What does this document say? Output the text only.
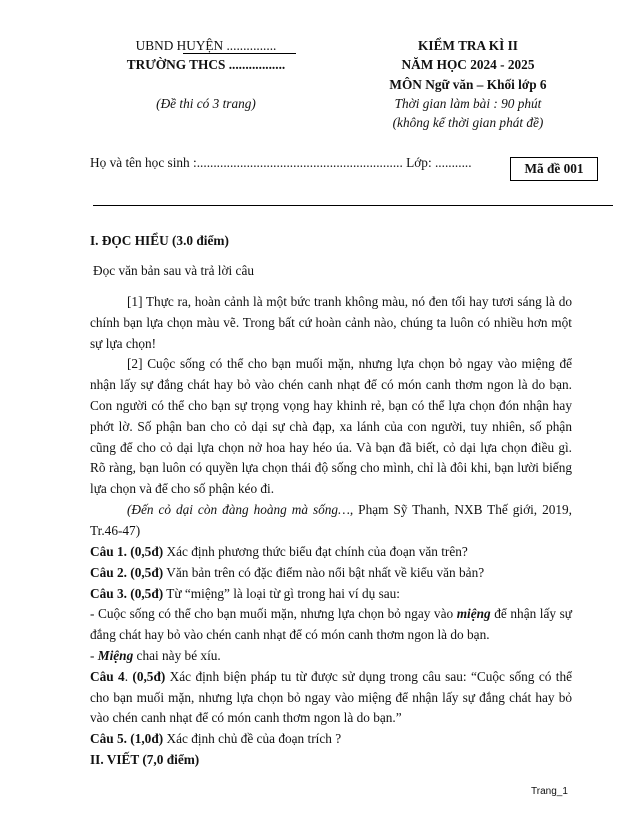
UBND HUYỆN ...............
TRƯỜNG THCS .................
(Đề thi có 3 trang)
KIỂM TRA KÌ II
NĂM HỌC 2024 - 2025
MÔN Ngữ văn – Khối lớp 6
Thời gian làm bài : 90 phút
(không kể thời gian phát đề)
Họ và tên học sinh :.............................................................. Lớp: ...........	Mã đề 001
I. ĐỌC HIỂU (3.0 điểm)
Đọc văn bản sau và trả lời câu

[1] Thực ra, hoàn cảnh là một bức tranh không màu, nó đen tối hay tươi sáng là do chính bạn lựa chọn màu vẽ. Trong bất cứ hoàn cảnh nào, chúng ta luôn có nhiều hơn một sự lựa chọn!

[2] Cuộc sống có thể cho bạn muối mặn, nhưng lựa chọn bỏ ngay vào miệng để nhận lấy sự đắng chát hay bỏ vào chén canh nhạt để có món canh thơm ngon là do bạn. Con người có thể cho bạn sự trọng vọng hay khinh rẻ, bạn có thể lựa chọn đón nhận hay phớt lờ. Số phận ban cho cỏ dại sự chà đạp, xa lánh của con người, tuy nhiên, số phận cũng để cho cỏ dại lựa chọn nở hoa hay héo úa. Và bạn đã biết, cỏ dại lựa chọn điều gì. Rõ ràng, bạn luôn có quyền lựa chọn thái độ sống cho mình, chỉ là đôi khi, bạn lười biếng lựa chọn và để cho số phận kéo đi.

(Đến cỏ dại còn đàng hoàng mà sống…, Phạm Sỹ Thanh, NXB Thế giới, 2019, Tr.46-47)

Câu 1. (0,5đ) Xác định phương thức biểu đạt chính của đoạn văn trên?

Câu 2. (0,5đ) Văn bản trên có đặc điểm nào nổi bật nhất về kiểu văn bản?

Câu 3. (0,5đ) Từ “miệng” là loại từ gì trong hai ví dụ sau:

- Cuộc sống có thể cho bạn muối mặn, nhưng lựa chọn bỏ ngay vào miệng để nhận lấy sự đắng chát hay bỏ vào chén canh nhạt để có món canh thơm ngon là do bạn.

- Miệng chai này bé xíu.

Câu 4. (0,5đ) Xác định biện pháp tu từ được sử dụng trong câu sau: “Cuộc sống có thể cho bạn muối mặn, nhưng lựa chọn bỏ ngay vào miệng để nhận lấy sự đắng chát hay bỏ vào chén canh nhạt để có món canh thơm ngon là do bạn.”

Câu 5. (1,0đ) Xác định chủ đề của đoạn trích ?

II. VIẾT (7,0 điểm)

Trang_1
